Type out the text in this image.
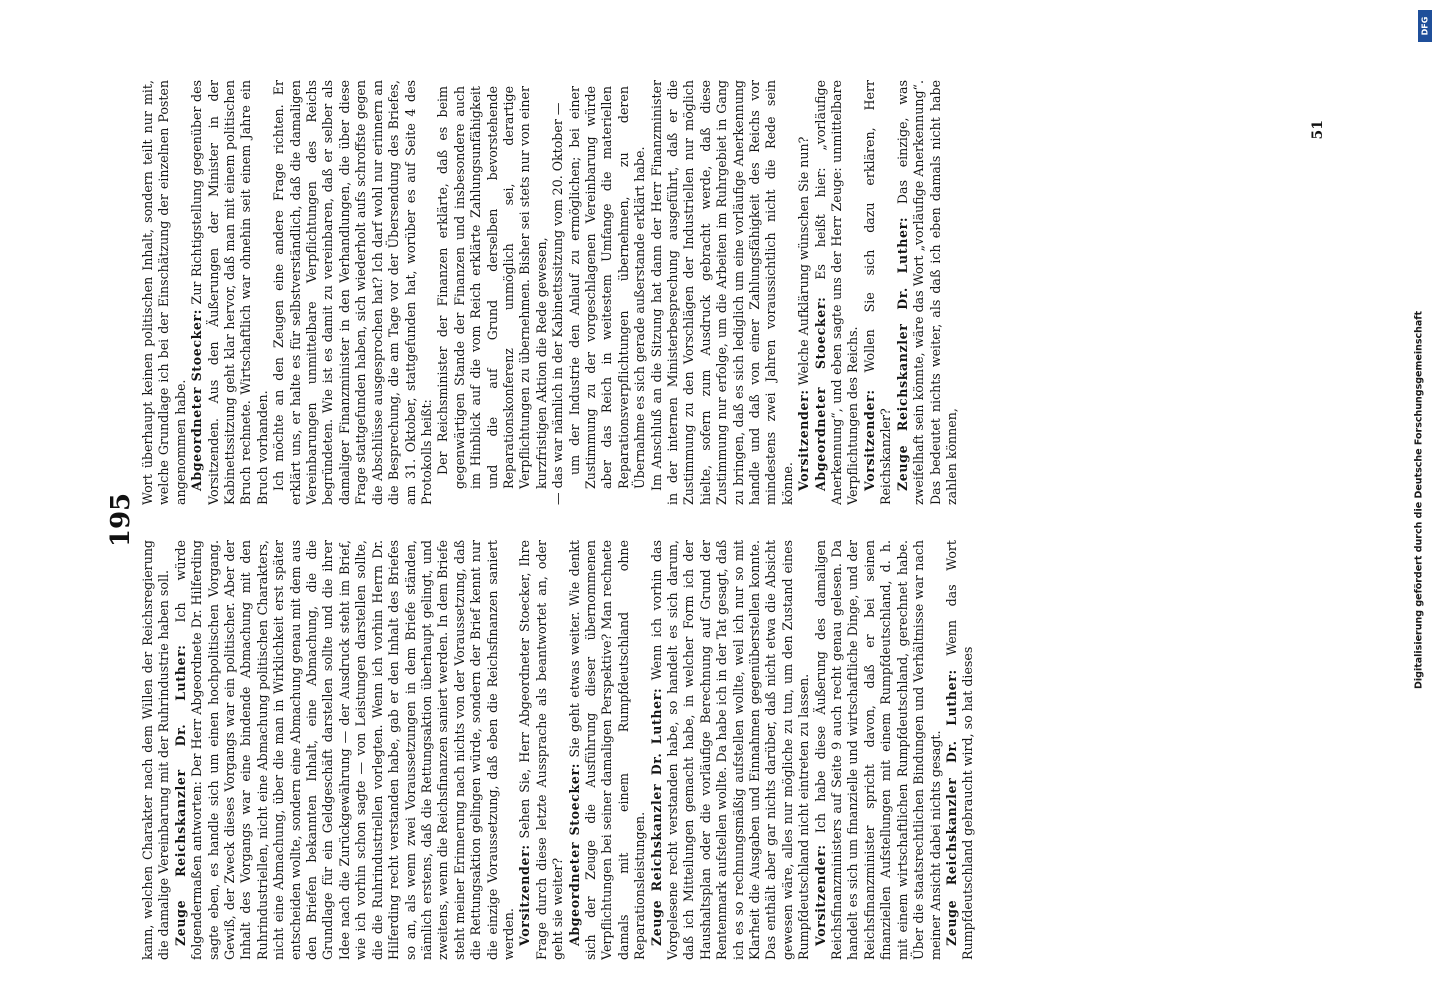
195

kann, welchen Charakter nach dem Willen der Reichsregierung die damalige Vereinbarung mit der Ruhrindustrie haben soll. Zeuge Reichskanzler Dr. Luther: Ich würde folgendermaßen antworten: Der Herr Abgeordnete Dr. Hilferding sagte eben, es handle sich um einen hochpolitischen Vorgang. Gewiß, der Zweck dieses Vorgangs war ein politischer. Aber der Inhalt des Vorgangs war eine bindende Abmachung mit den Ruhrindustriellen, nicht eine Abmachung politischen Charakters, nicht eine Abmachung, über die man in Wirklichkeit erst später entscheiden wollte, sondern eine Abmachung genau mit dem aus den Briefen bekannten Inhalt, eine Abmachung, die die Grundlage für ein Geldgeschäft darstellen sollte und die ihrer Idee nach die Zurückgewährung — der Ausdruck steht im Brief, wie ich vorhin schon sagte — von Leistungen darstellen sollte, die die Ruhrindustriellen vorlegten. Wenn ich vorhin Herrn Dr. Hilferding recht verstanden habe, gab er den Inhalt des Briefes so an, als wenn zwei Voraussetzungen in dem Briefe ständen, nämlich erstens, daß die Rettungsaktion überhaupt gelingt, und zweitens, wenn die Reichsfinanzen saniert werden. In dem Briefe steht meiner Erinnerung nach nichts von der Voraussetzung, daß die Rettungsaktion gelingen würde, sondern der Brief kennt nur die einzige Voraussetzung, daß eben die Reichsfinanzen saniert werden. Vorsitzender: Sehen Sie, Herr Abgeordneter Stoecker, Ihre Frage durch diese letzte Aussprache als beantwortet an, oder geht sie weiter? Abgeordneter Stoecker: Sie geht etwas weiter. Wie denkt sich der Zeuge die Ausführung dieser übernommenen Verpflichtungen bei seiner damaligen Perspektive? Man rechnete damals mit einem Rumpfdeutschland ohne Reparationsleistungen. Zeuge Reichskanzler Dr. Luther: Wenn ich vorhin das Vorgelesene recht verstanden habe, so handelt es sich darum, daß ich Mitteilungen gemacht habe, in welcher Form ich der Haushaltsplan oder die vorläufige Berechnung auf Grund der Rentenmark aufstellen wollte. Da habe ich in der Tat gesagt, daß ich es so rechnungsmäßig aufstellen wollte, weil ich nur so mit Klarheit die Ausgaben und Einnahmen gegenüberstellen konnte. Das enthält aber gar nichts darüber, daß nicht etwa die Absicht gewesen wäre, alles nur mögliche zu tun, um den Zustand eines Rumpfdeutschland nicht eintreten zu lassen. Vorsitzender: Ich habe diese Äußerung des damaligen Reichsfinanzministers auf Seite 9 auch recht genau gelesen. Da handelt es sich um finanzielle und wirtschaftliche Dinge, und der Reichsfinanzminister spricht davon, daß er bei seinen finanziellen Aufstellungen mit einem Rumpfdeutschland, d. h. mit einem wirtschaftlichen Rumpfdeutschland, gerechnet habe. Über die staatsrechtlichen Bindungen und Verhältnisse war nach meiner Ansicht dabei nichts gesagt. Zeuge Reichskanzler Dr. Luther: Wenn das Wort Rumpfdeutschland gebraucht wird, so hat dieses

Wort überhaupt keinen politischen Inhalt, sondern teilt nur mit, welche Grundlage ich bei der Einschätzung der einzelnen Posten angenommen habe. Abgeordneter Stoecker: Zur Richtigstellung gegenüber des Vorsitzenden. Aus den Äußerungen der Minister in der Kabinettssitzung geht klar hervor, daß man mit einem politischen Bruch rechnete. Wirtschaftlich war ohnehin seit einem Jahre ein Bruch vorhanden. Ich möchte an den Zeugen eine andere Frage richten. Er erklärt uns, er halte es für selbstverständlich, daß die damaligen Vereinbarungen unmittelbare Verpflichtungen des Reichs begründeten. Wie ist es damit zu vereinbaren, daß er selber als damaliger Finanzminister in den Verhandlungen, die über diese Frage stattgefunden haben, sich wiederholt aufs schroffste gegen die Abschlüsse ausgesprochen hat? Ich darf wohl nur erinnern an die Besprechung, die am Tage vor der Übersendung des Briefes, am 31. Oktober, stattgefunden hat, worüber es auf Seite 4 des Protokolls heißt: Der Reichsminister der Finanzen erklärte, daß es beim gegenwärtigen Stande der Finanzen und insbesondere auch im Hinblick auf die vom Reich erklärte Zahlungsunfähigkeit und die auf Grund derselben bevorstehende Reparationskonferenz unmöglich sei, derartige Verpflichtungen zu übernehmen. Bisher sei stets nur von einer kurzfristigen Aktion die Rede gewesen, — das war nämlich in der Kabinettssitzung vom 20. Oktober — um der Industrie den Anlauf zu ermöglichen; bei einer Zustimmung zu der vorgeschlagenen Vereinbarung würde aber das Reich in weitestem Umfange die materiellen Reparationsverpflichtungen übernehmen, zu deren Übernahme es sich gerade außerstande erklärt habe. Im Anschluß an die Sitzung hat dann der Herr Finanzminister in der internen Ministerbesprechung ausgeführt, daß er die Zustimmung zu den Vorschlägen der Industriellen nur möglich hielte, sofern zum Ausdruck gebracht werde, daß diese Zustimmung nur erfolge, um die Arbeiten im Ruhrgebiet in Gang zu bringen, daß es sich lediglich um eine vorläufige Anerkennung handle und daß von einer Zahlungsfähigkeit des Reichs vor mindestens zwei Jahren voraussichtlich nicht die Rede sein könne. Vorsitzender: Welche Aufklärung wünschen Sie nun?

Abgeordneter Stoecker: Es heißt hier: „vorläufige Anerkennung“, und eben sagte uns der Herr Zeuge: unmittelbare Verpflichtungen des Reichs. Vorsitzender: Wollen Sie sich dazu erklären, Herr Reichskanzler? Zeuge Reichskanzler Dr. Luther: Das einzige, was zweifelhaft sein könnte, wäre das Wort „vorläufige Anerkennung“. Das bedeutet nichts weiter, als daß ich eben damals nicht habe zahlen können,

51
Digitalisierung gefördert durch die Deutsche Forschungsgemeinschaft
DFG
